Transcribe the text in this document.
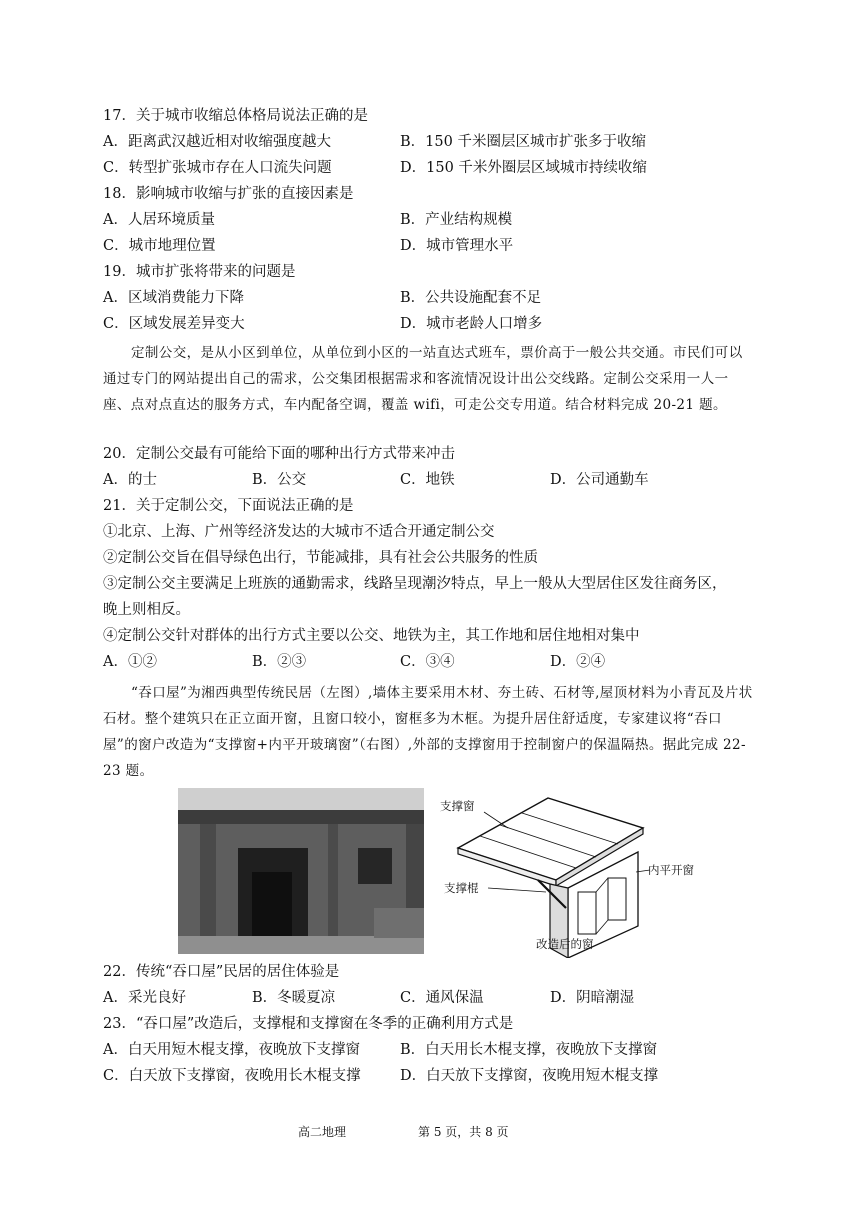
17．关于城市收缩总体格局说法正确的是
A．距离武汉越近相对收缩强度越大	B．150 千米圈层区城市扩张多于收缩
C．转型扩张城市存在人口流失问题	D．150 千米外圈层区域城市持续收缩
18．影响城市收缩与扩张的直接因素是
A．人居环境质量	B．产业结构规模
C．城市地理位置	D．城市管理水平
19．城市扩张将带来的问题是
A．区域消费能力下降	B．公共设施配套不足
C．区域发展差异变大	D．城市老龄人口增多
定制公交，是从小区到单位，从单位到小区的一站直达式班车，票价高于一般公共交通。市民们可以通过专门的网站提出自己的需求，公交集团根据需求和客流情况设计出公交线路。定制公交采用一人一座、点对点直达的服务方式，车内配备空调，覆盖 wifi，可走公交专用道。结合材料完成 20-21 题。
20．定制公交最有可能给下面的哪种出行方式带来冲击
A．的士	B．公交	C．地铁	D．公司通勤车
21．关于定制公交，下面说法正确的是
①北京、上海、广州等经济发达的大城市不适合开通定制公交
②定制公交旨在倡导绿色出行，节能减排，具有社会公共服务的性质
③定制公交主要满足上班族的通勤需求，线路呈现潮汐特点，早上一般从大型居住区发往商务区，
晚上则相反。
④定制公交针对群体的出行方式主要以公交、地铁为主，其工作地和居住地相对集中
A．①②	B．②③	C．③④	D．②④
“吞口屋”为湘西典型传统民居（左图）,墙体主要采用木材、夯土砖、石材等,屋顶材料为小青瓦及片状石材。整个建筑只在正立面开窗，且窗口较小，窗框多为木框。为提升居住舒适度，专家建议将“吞口屋”的窗户改造为“支撑窗+内平开玻璃窗”（右图）,外部的支撑窗用于控制窗户的保温隔热。据此完成 22-23 题。
支撑窗
支撑棍
内平开窗
改造后的窗
22．传统“吞口屋”民居的居住体验是
A．采光良好	B．冬暖夏凉	C．通风保温	D．阴暗潮湿
23．“吞口屋”改造后，支撑棍和支撑窗在冬季的正确利用方式是
A．白天用短木棍支撑，夜晚放下支撑窗	B．白天用长木棍支撑，夜晚放下支撑窗
C．白天放下支撑窗，夜晚用长木棍支撑	D．白天放下支撑窗，夜晚用短木棍支撑
高二地理	第 5 页，共 8 页
